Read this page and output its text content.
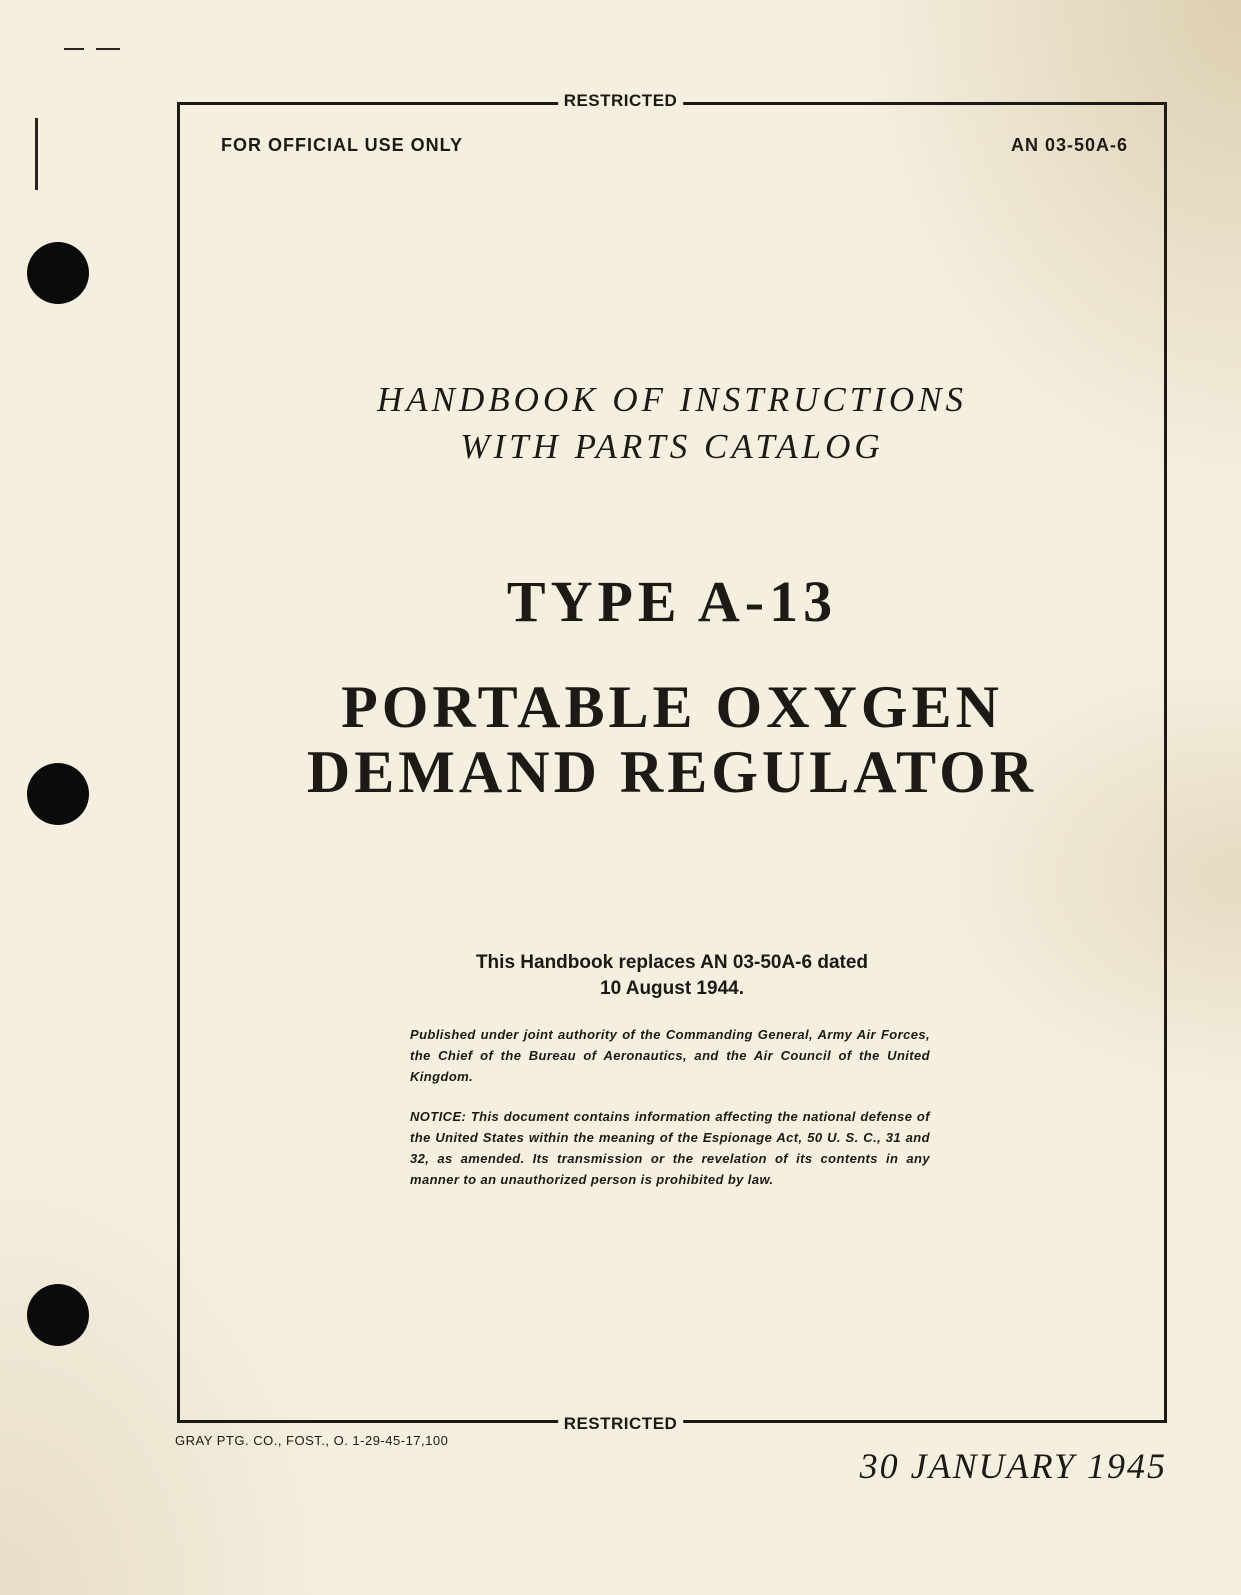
RESTRICTED
FOR OFFICIAL USE ONLY	AN 03-50A-6
HANDBOOK OF INSTRUCTIONS
WITH PARTS CATALOG
TYPE A-13
PORTABLE OXYGEN
DEMAND REGULATOR
This Handbook replaces AN 03-50A-6 dated
10 August 1944.
Published under joint authority of the Commanding General, Army Air Forces, the Chief of the Bureau of Aeronautics, and the Air Council of the United Kingdom.
NOTICE: This document contains information affecting the national defense of the United States within the meaning of the Espionage Act, 50 U. S. C., 31 and 32, as amended. Its transmission or the revelation of its contents in any manner to an unauthorized person is prohibited by law.
RESTRICTED
GRAY PTG. CO., FOST., O. 1-29-45-17,100
30 JANUARY 1945
